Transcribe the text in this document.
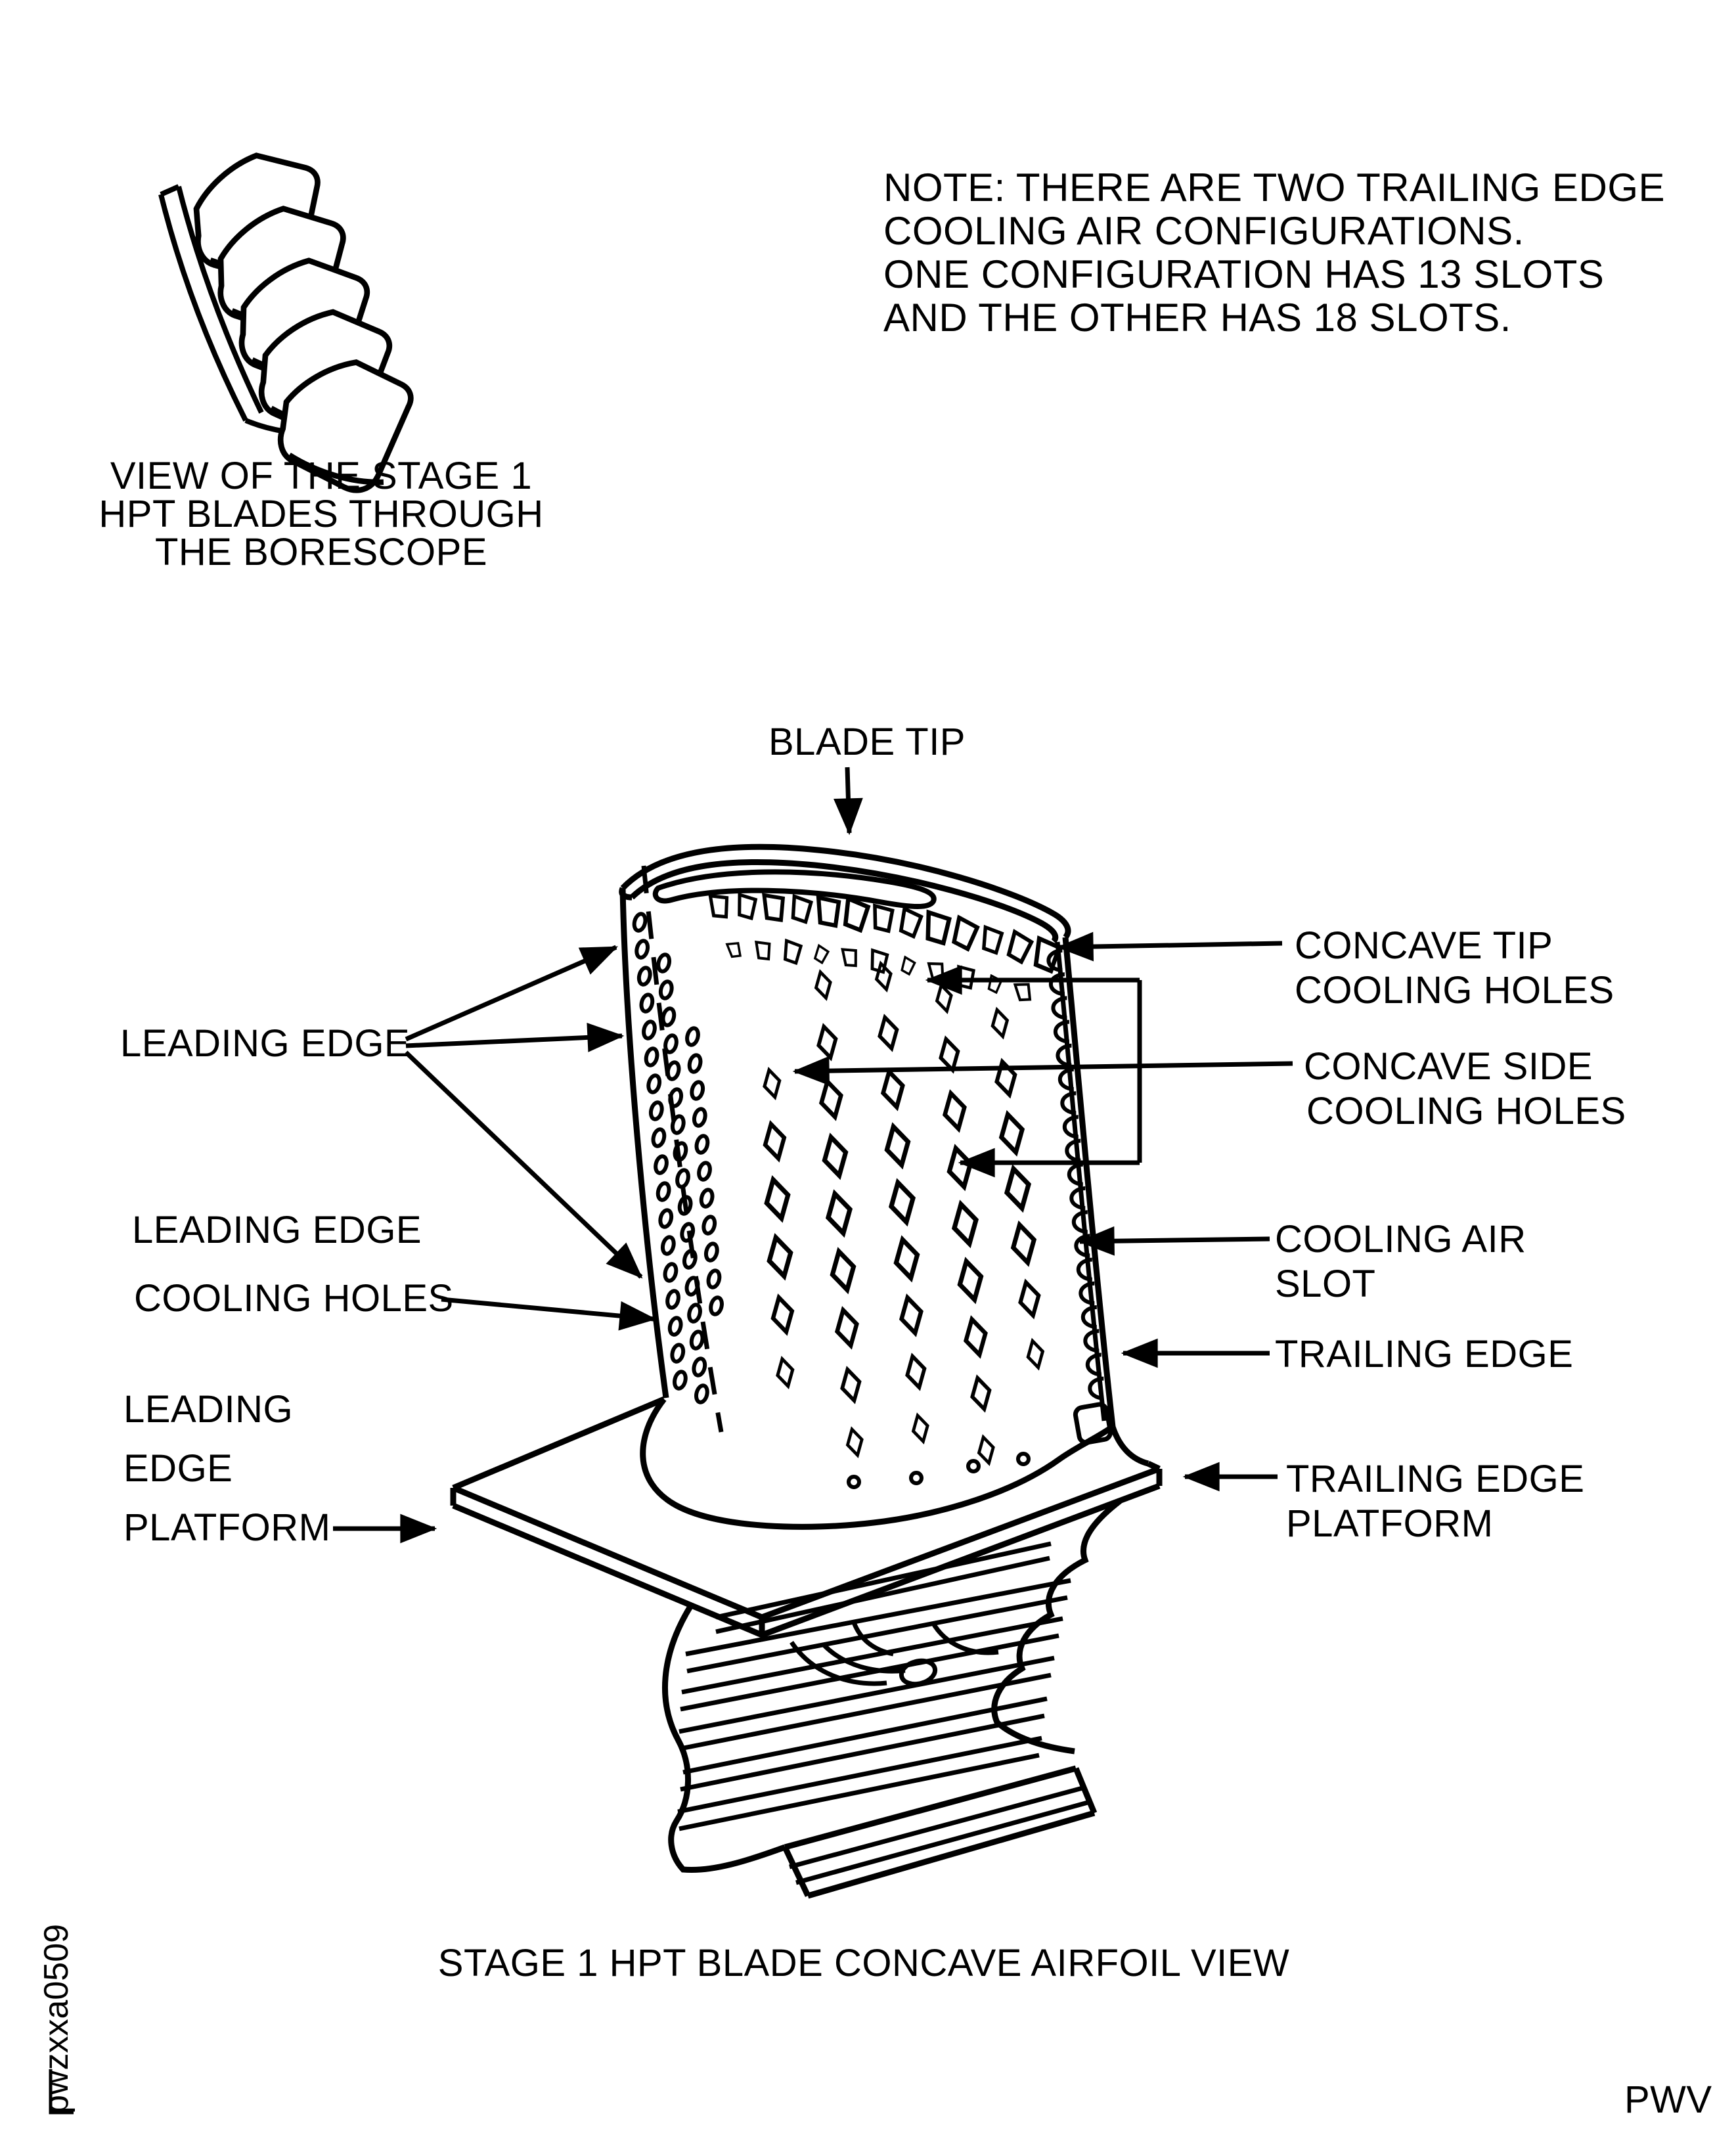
NOTE: THERE ARE TWO TRAILING EDGE
COOLING AIR CONFIGURATIONS.
ONE CONFIGURATION HAS 13 SLOTS
AND THE OTHER HAS 18 SLOTS.
VIEW OF THE STAGE 1
HPT BLADES THROUGH
THE BORESCOPE
BLADE TIP
LEADING EDGE
LEADING EDGE
COOLING HOLES
LEADING
EDGE
PLATFORM
CONCAVE TIP
COOLING HOLES
CONCAVE SIDE
COOLING HOLES
COOLING AIR
SLOT
TRAILING EDGE
TRAILING EDGE
PLATFORM
STAGE 1 HPT BLADE CONCAVE AIRFOIL VIEW
pwzxxa0509	PWV
